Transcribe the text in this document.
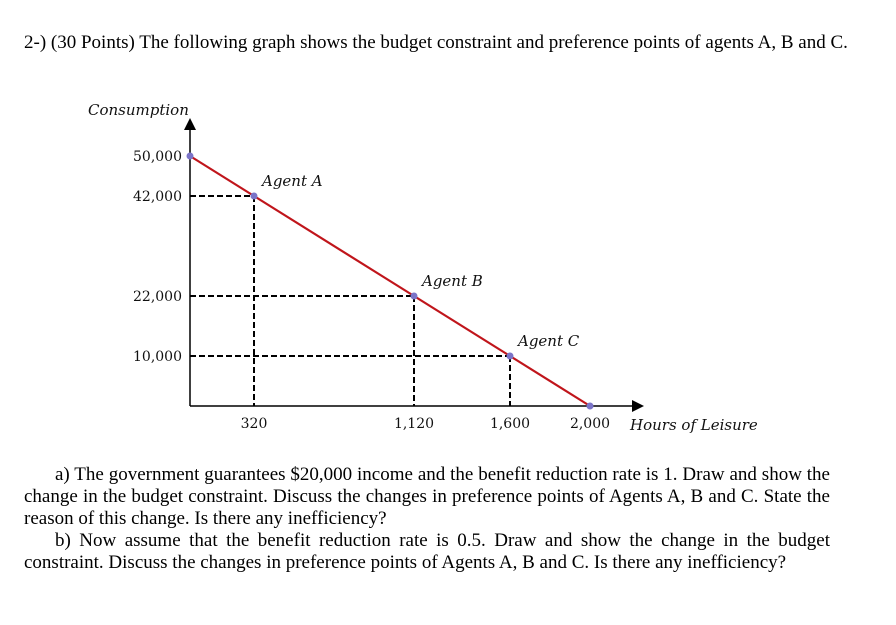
2-) (30 Points) The following graph shows the budget constraint and preference points of agents A, B and C.

Consumption
Hours of Leisure
50,000
42,000
22,000
10,000
320	1,120	1,600	2,000
Agent A
Agent B
Agent C

a) The government guarantees $20,000 income and the benefit reduction rate is 1. Draw and show the change in the budget constraint. Discuss the changes in preference points of Agents A, B and C. State the reason of this change. Is there any inefficiency?

b) Now assume that the benefit reduction rate is 0.5. Draw and show the change in the budget constraint. Discuss the changes in preference points of Agents A, B and C. Is there any inefficiency?
